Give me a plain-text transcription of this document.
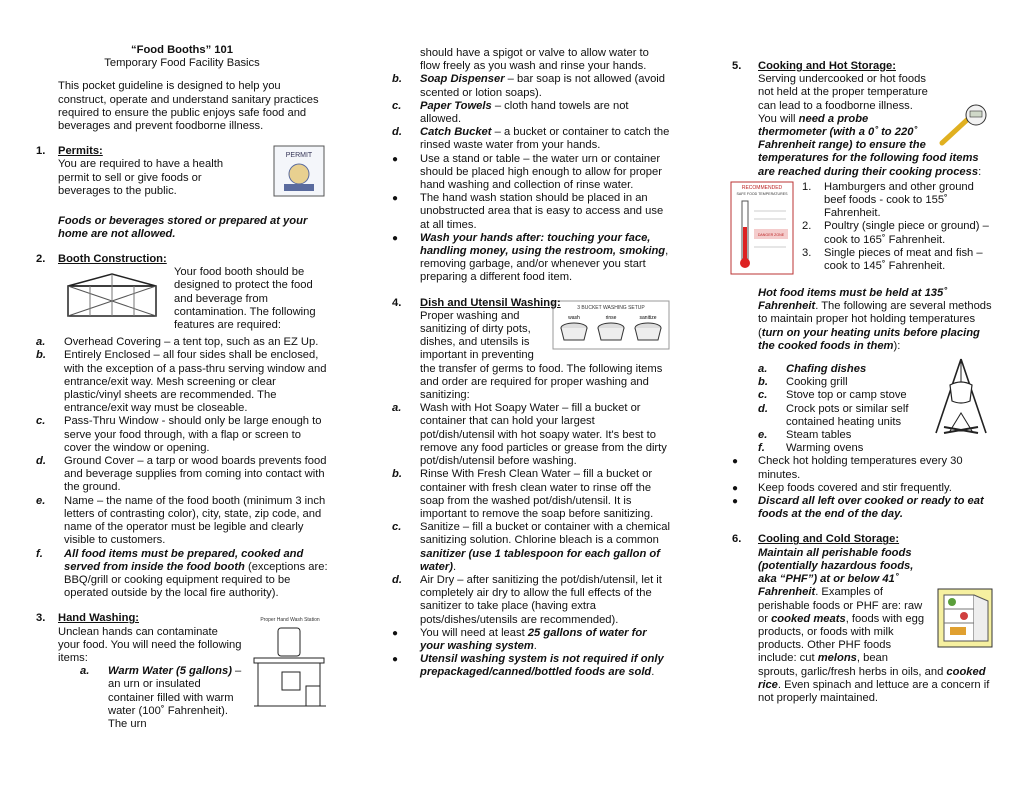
“Food Booths” 101

Temporary Food Facility Basics

This pocket guideline is designed to help you construct, operate and understand sanitary practices required to ensure the public enjoys safe food and beverages and prevent foodborne illness.

1.	Permits:	PERMIT

You are required to have a health permit to sell or give foods or beverages to the public.

Foods or beverages stored or prepared at your home are not allowed.

2.	Booth Construction:

Your food booth should be designed to protect the food and beverage from contamination. The following features are required:

a.	Overhead Covering – a tent top, such as an EZ Up.
b.	Entirely Enclosed – all four sides shall be enclosed, with the exception of a pass-thru serving window and entrance/exit way. Mesh screening or clear plastic/vinyl sheets are recommended. The entrance/exit way must be closeable.
c.	Pass-Thru Window - should only be large enough to serve your food through, with a flap or screen to cover the window or opening.
d.	Ground Cover – a tarp or wood boards prevents food and beverage supplies from coming into contact with the ground.
e.	Name – the name of the food booth (minimum 3 inch letters of contrasting color), city, state, zip code, and name of the operator must be legible and clearly visible to customers.
f.	All food items must be prepared, cooked and served from inside the food booth (exceptions are: BBQ/grill or cooking equipment required to be operated outside by the local fire authority).
3.	Hand Washing:	Proper Hand Wash Station

Unclean hands can contaminate your food. You will need the following items:

a.	Warm Water (5 gallons) – an urn or insulated container filled with warm water (100˚ Fahrenheit). The urn

should have a spigot or valve to allow water to flow freely as you wash and rinse your hands.

b.	Soap Dispenser – bar soap is not allowed (avoid scented or lotion soaps).
c.	Paper Towels – cloth hand towels are not allowed.
d.	Catch Bucket – a bucket or container to catch the rinsed waste water from your hands.
●	Use a stand or table – the water urn or container should be placed high enough to allow for proper hand washing and collection of rinse water.
●	The hand wash station should be placed in an unobstructed area that is easy to access and use at all times.
●	Wash your hands after: touching your face, handling money, using the restroom, smoking, removing garbage, and/or whenever you start preparing a different food item.
4.	Dish and Utensil Washing:	3 BUCKET WASHING SETUP
wash	rinse	sanitize

Proper washing and sanitizing of dirty pots, dishes, and utensils is important in preventing the transfer of germs to food. The following items and order are required for proper washing and sanitizing:

a.	Wash with Hot Soapy Water – fill a bucket or container that can hold your largest pot/dish/utensil with hot soapy water. It's best to remove any food particles or grease from the dirty pot/dish/utensil before washing.
b.	Rinse With Fresh Clean Water – fill a bucket or container with fresh clean water to rinse off the soap from the washed pot/dish/utensil. It is important to remove the soap before sanitizing.
c.	Sanitize – fill a bucket or container with a chemical sanitizing solution. Chlorine bleach is a common sanitizer (use 1 tablespoon for each gallon of water).
d.	Air Dry – after sanitizing the pot/dish/utensil, let it completely air dry to allow the full effects of the sanitizer to take place (having extra pots/dishes/utensils are recommended).
●	You will need at least 25 gallons of water for your washing system.
●	Utensil washing system is not required if only prepackaged/canned/bottled foods are sold.
5.	Cooking and Hot Storage:

Serving undercooked or hot foods not held at the proper temperature can lead to a foodborne illness. You will need a probe thermometer (with a 0˚ to 220˚ Fahrenheit range) to ensure the temperatures for the following food items are reached during their cooking process:

RECOMMENDED
SAFE FOOD TEMPERATURES
DANGER ZONE
1.	Hamburgers and other ground beef foods - cook to 155˚ Fahrenheit.
2.	Poultry (single piece or ground) – cook to 165˚ Fahrenheit.
3.	Single pieces of meat and fish – cook to 145˚ Fahrenheit.

Hot food items must be held at 135˚ Fahrenheit. The following are several methods to maintain proper hot holding temperatures (turn on your heating units before placing the cooked foods in them):

a.	Chafing dishes
b.	Cooking grill
c.	Stove top or camp stove
d.	Crock pots or similar self contained heating units
e.	Steam tables
f.	Warming ovens
●	Check hot holding temperatures every 30 minutes.
●	Keep foods covered and stir frequently.
●	Discard all left over cooked or ready to eat foods at the end of the day.
6.	Cooling and Cold Storage:

Maintain all perishable foods (potentially hazardous foods, aka “PHF”) at or below 41˚ Fahrenheit. Examples of perishable foods or PHF are: raw or cooked meats, foods with egg products, or foods with milk products. Other PHF foods include: cut melons, bean sprouts, garlic/fresh herbs in oils, and cooked rice. Even spinach and lettuce are a concern if not properly maintained.
